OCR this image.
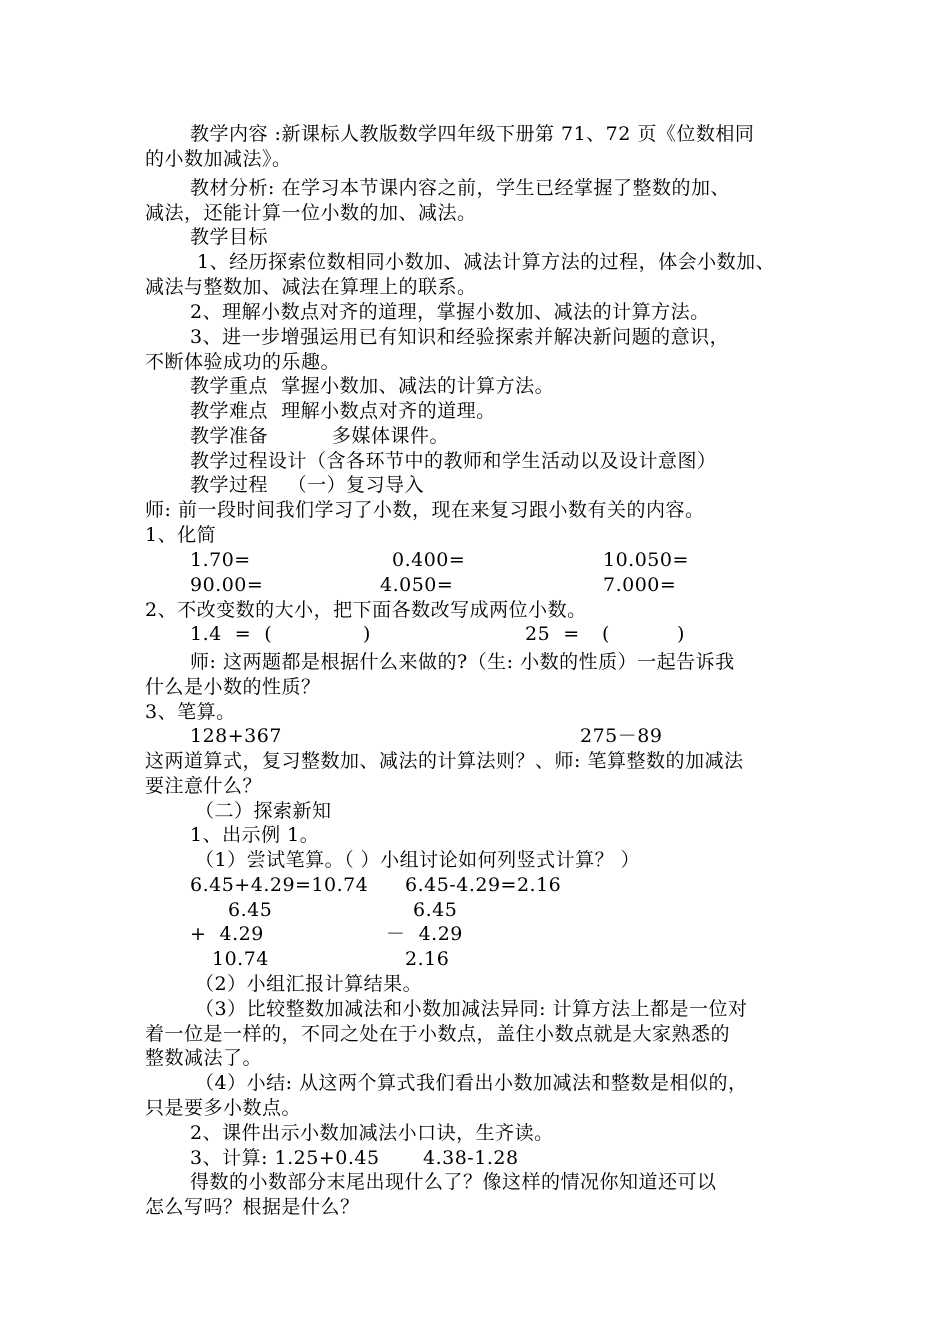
教学内容 :新课标人教版数学四年级下册第 71、72 页《位数相同
的小数加减法》。
教材分析: 在学习本节课内容之前，学生已经掌握了整数的加、
减法，还能计算一位小数的加、减法。
教学目标
1、经历探索位数相同小数加、减法计算方法的过程，体会小数加、
减法与整数加、减法在算理上的联系。
2、理解小数点对齐的道理，掌握小数加、减法的计算方法。
3、进一步增强运用已有知识和经验探索并解决新问题的意识，
不断体验成功的乐趣。
教学重点  掌握小数加、减法的计算方法。
教学难点  理解小数点对齐的道理。
教学准备	多媒体课件。
教学过程设计（含各环节中的教师和学生活动以及设计意图）
教学过程   （一）复习导入
师: 前一段时间我们学习了小数，现在来复习跟小数有关的内容。
1、化简
1.70=	0.400=	10.050=
90.00=	4.050=	7.000=
2、不改变数的大小，把下面各数改写成两位小数。
1.4  =  (	)	25  = (	)
师: 这两题都是根据什么来做的?（生: 小数的性质）一起告诉我
什么是小数的性质？
3、笔算。
128+367	275－89
这两道算式，复习整数加、减法的计算法则？、师: 笔算整数的加减法
要注意什么？
（二）探索新知
1、出示例 1。
（1）尝试笔算。（ ）小组讨论如何列竖式计算？ ）
6.45+4.29=10.74 6.45-4.29=2.16
6.45	6.45
+  4.29	－  4.29
10.74	2.16
（2）小组汇报计算结果。
（3）比较整数加减法和小数加减法异同: 计算方法上都是一位对
着一位是一样的，不同之处在于小数点，盖住小数点就是大家熟悉的
整数减法了。
（4）小结: 从这两个算式我们看出小数加减法和整数是相似的，
只是要多小数点。
2、课件出示小数加减法小口诀，生齐读。
3、计算: 1.25+0.45 4.38-1.28
得数的小数部分末尾出现什么了？像这样的情况你知道还可以
怎么写吗？根据是什么？
